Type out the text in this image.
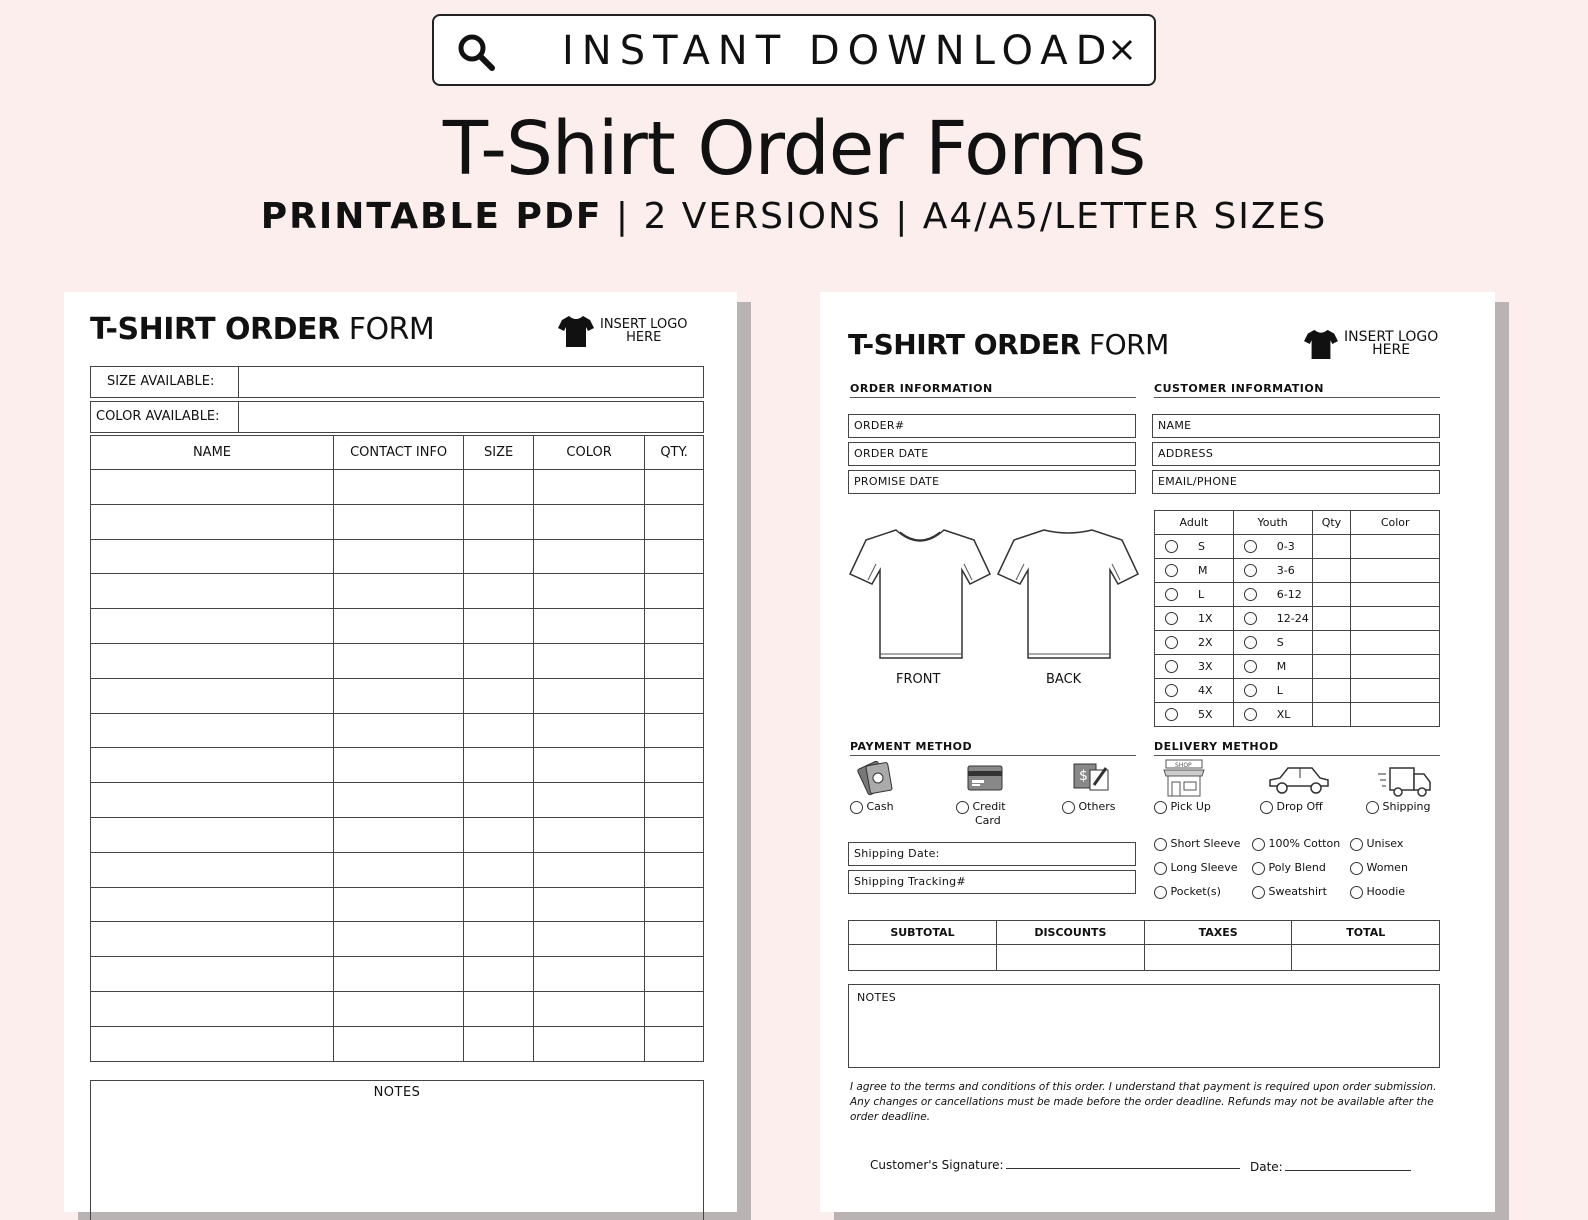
INSTANT DOWNLOAD
T-Shirt Order Forms
PRINTABLE PDF | 2 VERSIONS | A4/A5/LETTER SIZES
T-SHIRT ORDER FORM	INSERT LOGO
HERE
SIZE AVAILABLE:
COLOR AVAILABLE:
NAME	CONTACT INFO	SIZE	COLOR	QTY.

NOTES
T-SHIRT ORDER FORM	INSERT LOGO
HERE
ORDER INFORMATION	CUSTOMER INFORMATION
ORDER#
ORDER DATE
PROMISE DATE
NAME
ADDRESS
EMAIL/PHONE
FRONT	BACK
Adult	Youth	Qty	Color
S	0-3		
M	3-6		
L	6-12		
1X	12-24		
2X	S		
3X	M		
4X	L		
5X	XL		
PAYMENT METHOD	DELIVERY METHOD
$
Cash	Credit
Card
Others
SHOP
Pick Up	Drop Off	Shipping
Shipping Date:
Shipping Tracking#
Short Sleeve
Long Sleeve
Pocket(s)
100% Cotton
Poly Blend
Sweatshirt
Unisex
Women
Hoodie
SUBTOTAL	DISCOUNTS	TAXES	TOTAL

NOTES
I agree to the terms and conditions of this order. I understand that payment is required upon order submission. Any changes or cancellations must be made before the order deadline. Refunds may not be available after the order deadline.
Customer's Signature:	Date:
